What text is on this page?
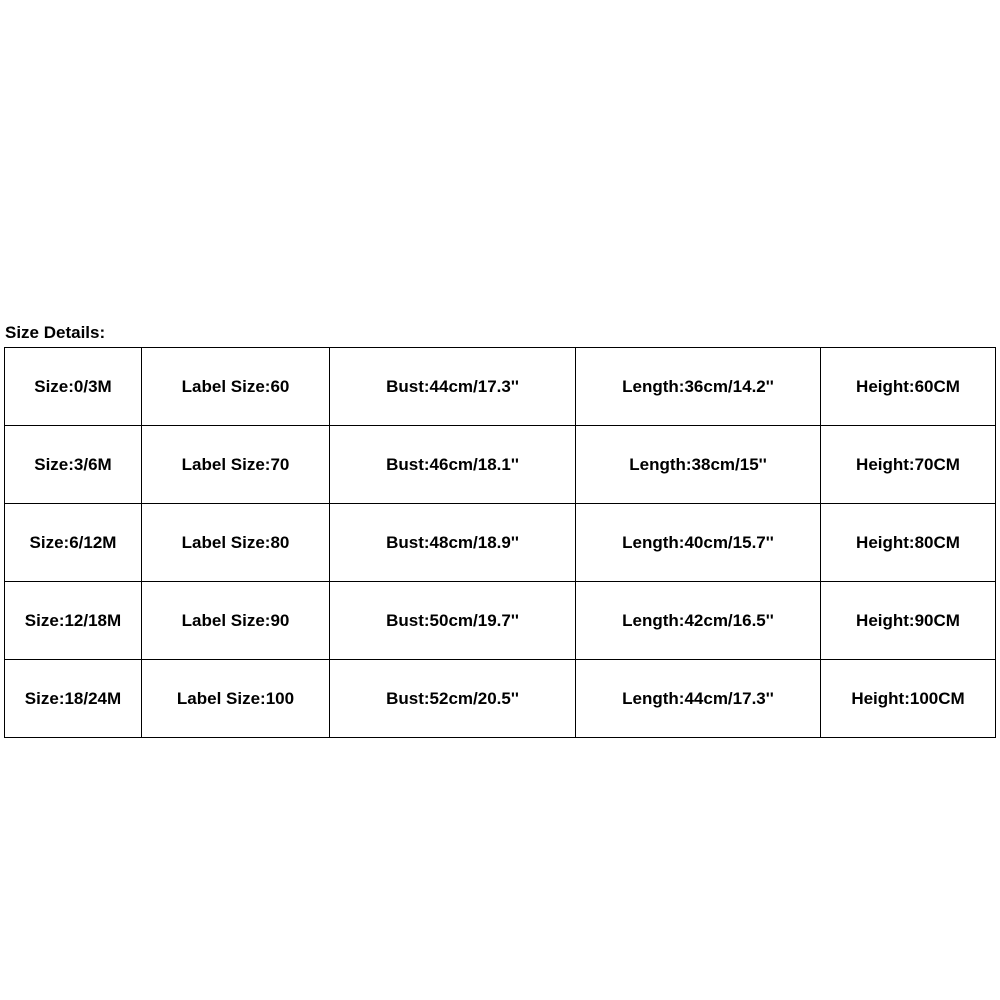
Size Details:
Size:0/3M	Label Size:60	Bust:44cm/17.3''	Length:36cm/14.2''	Height:60CM
Size:3/6M	Label Size:70	Bust:46cm/18.1''	Length:38cm/15''	Height:70CM
Size:6/12M	Label Size:80	Bust:48cm/18.9''	Length:40cm/15.7''	Height:80CM
Size:12/18M	Label Size:90	Bust:50cm/19.7''	Length:42cm/16.5''	Height:90CM
Size:18/24M	Label Size:100	Bust:52cm/20.5''	Length:44cm/17.3''	Height:100CM
